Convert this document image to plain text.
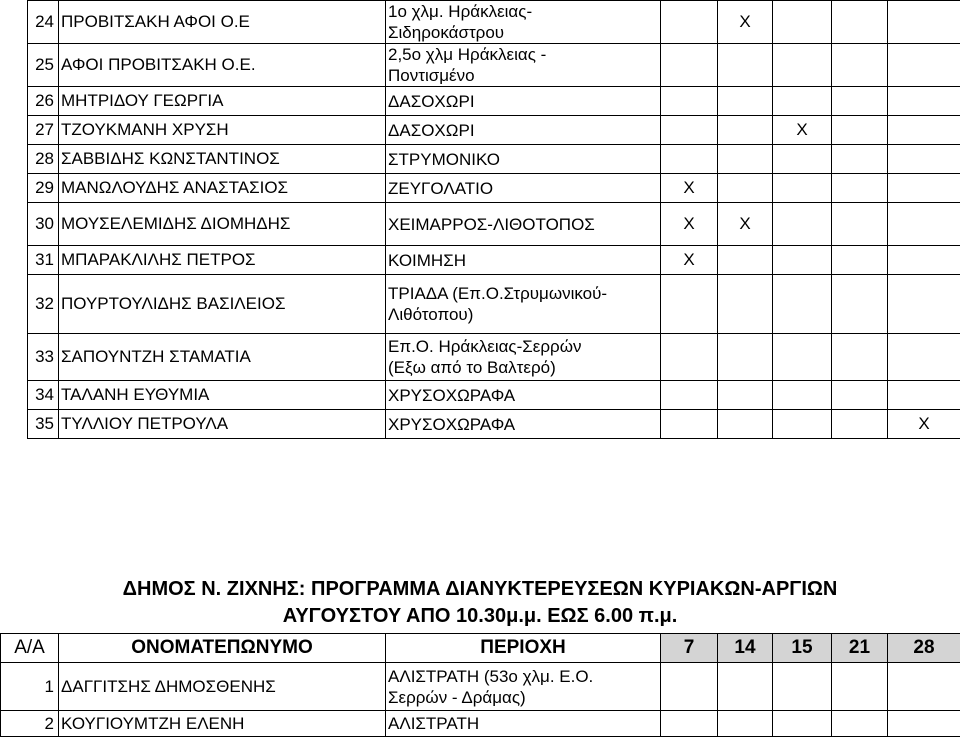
24	ΠΡΟΒΙΤΣΑΚΗ ΑΦΟΙ Ο.Ε	1ο χλμ. Ηράκλειας-
Σιδηροκάστρου		X			
25	ΑΦΟΙ ΠΡΟΒΙΤΣΑΚΗ Ο.Ε.	2,5ο χλμ Ηράκλειας -
Ποντισμένο					

26	ΜΗΤΡΙΔΟΥ ΓΕΩΡΓΙΑ	ΔΑΣΟΧΩΡΙ					

27	ΤΖΟΥΚΜΑΝΗ ΧΡΥΣΗ	ΔΑΣΟΧΩΡΙ			X		
28	ΣΑΒΒΙΔΗΣ ΚΩΝΣΤΑΝΤΙΝΟΣ	ΣΤΡΥΜΟΝΙΚΟ					

29	ΜΑΝΩΛΟΥΔΗΣ ΑΝΑΣΤΑΣΙΟΣ	ΖΕΥΓΟΛΑΤΙΟ	X				
30	ΜΟΥΣΕΛΕΜΙΔΗΣ ΔΙΟΜΗΔΗΣ	ΧΕΙΜΑΡΡΟΣ-ΛΙΘΟΤΟΠΟΣ	X	X			
31	ΜΠΑΡΑΚΛΙΛΗΣ ΠΕΤΡΟΣ	ΚΟΙΜΗΣΗ	X				
32	ΠΟΥΡΤΟΥΛΙΔΗΣ ΒΑΣΙΛΕΙΟΣ	ΤΡΙΑΔΑ (Επ.Ο.Στρυμωνικού-
Λιθότοπου)					

33	ΣΑΠΟΥΝΤΖΗ ΣΤΑΜΑΤΙΑ	Επ.Ο. Ηράκλειας-Σερρών
(Εξω από το Βαλτερό)					

34	ΤΑΛΑΝΗ ΕΥΘΥΜΙΑ	ΧΡΥΣΟΧΩΡΑΦΑ					

35	ΤΥΛΛΙΟΥ ΠΕΤΡΟΥΛΑ	ΧΡΥΣΟΧΩΡΑΦΑ					X
ΔΗΜΟΣ Ν. ΖΙΧΝΗΣ: ΠΡΟΓΡΑΜΜΑ ΔΙΑΝΥΚΤΕΡΕΥΣΕΩΝ ΚΥΡΙΑΚΩΝ-ΑΡΓΙΩΝ
ΑΥΓΟΥΣΤΟΥ ΑΠΟ 10.30μ.μ. ΕΩΣ 6.00 π.μ.
Α/Α	ΟΝΟΜΑΤΕΠΩΝΥΜΟ	ΠΕΡΙΟΧΗ	7	14	15	21	28
1	ΔΑΓΓΙΤΣΗΣ ΔΗΜΟΣΘΕΝΗΣ	ΑΛΙΣΤΡΑΤΗ (53ο χλμ. Ε.Ο.
Σερρών - Δράμας)					

2	ΚΟΥΓΙΟΥΜΤΖΗ ΕΛΕΝΗ	ΑΛΙΣΤΡΑΤΗ					
